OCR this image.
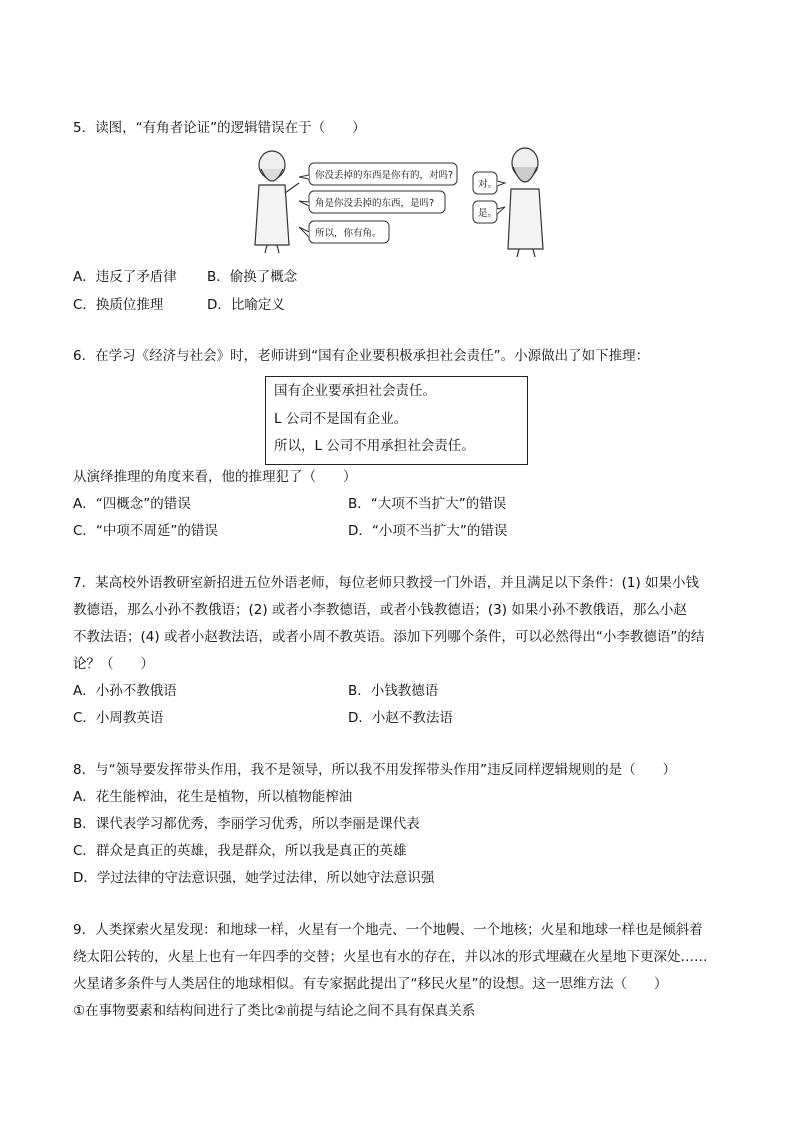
5．读图，“有角者论证”的逻辑错误在于（　　）
你没丢掉的东西是你有的，对吗?
角是你没丢掉的东西，是吗?
所以，你有角。
对。
是。
A．违反了矛盾律 B．偷换了概念
C．换质位推理	D．比喻定义
6．在学习《经济与社会》时，老师讲到“国有企业要积极承担社会责任”。小源做出了如下推理：
国有企业要承担社会责任。
L 公司不是国有企业。
所以，L 公司不用承担社会责任。
从演绎推理的角度来看，他的推理犯了（　　）
A．“四概念”的错误	B．“大项不当扩大”的错误
C．“中项不周延”的错误	D．“小项不当扩大”的错误
7．某高校外语教研室新招进五位外语老师，每位老师只教授一门外语，并且满足以下条件：(1) 如果小钱
教德语，那么小孙不教俄语；(2) 或者小李教德语，或者小钱教德语；(3) 如果小孙不教俄语，那么小赵
不教法语；(4) 或者小赵教法语，或者小周不教英语。添加下列哪个条件，可以必然得出“小李教德语”的结
论？（　　）
A．小孙不教俄语	B．小钱教德语
C．小周教英语	D．小赵不教法语
8．与“领导要发挥带头作用，我不是领导，所以我不用发挥带头作用”违反同样逻辑规则的是（　　）
A．花生能榨油，花生是植物，所以植物能榨油
B．课代表学习都优秀，李丽学习优秀，所以李丽是课代表
C．群众是真正的英雄，我是群众，所以我是真正的英雄
D．学过法律的守法意识强，她学过法律，所以她守法意识强
9．人类探索火星发现：和地球一样，火星有一个地壳、一个地幔、一个地核；火星和地球一样也是倾斜着
绕太阳公转的，火星上也有一年四季的交替；火星也有水的存在，并以冰的形式埋藏在火星地下更深处……
火星诸多条件与人类居住的地球相似。有专家据此提出了“移民火星”的设想。这一思维方法（　　）
①在事物要素和结构间进行了类比②前提与结论之间不具有保真关系
